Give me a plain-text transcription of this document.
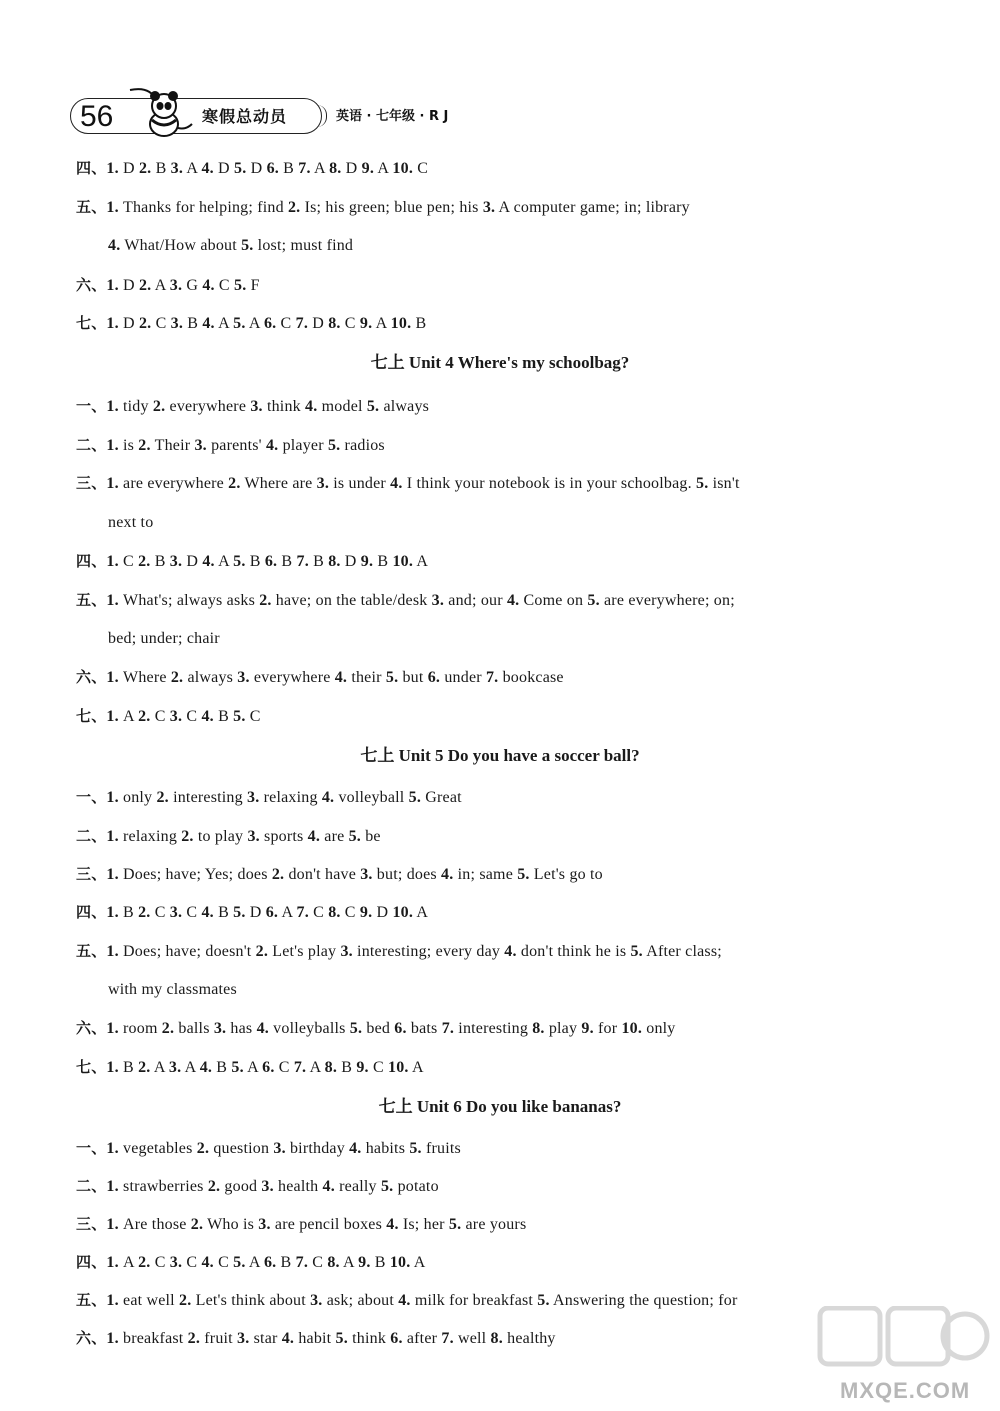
56	寒假总动员	英语 · 七年级 · R J
四、1. D 2. B 3. A 4. D 5. D 6. B 7. A 8. D 9. A 10. C
五、1. Thanks for helping; find 2. Is; his green; blue pen; his 3. A computer game; in; library
4. What/How about 5. lost; must find
六、1. D 2. A 3. G 4. C 5. F
七、1. D 2. C 3. B 4. A 5. A 6. C 7. D 8. C 9. A 10. B
七上 Unit 4 Where's my schoolbag?
一、1. tidy 2. everywhere 3. think 4. model 5. always
二、1. is 2. Their 3. parents' 4. player 5. radios
三、1. are everywhere 2. Where are 3. is under 4. I think your notebook is in your schoolbag. 5. isn't
next to
四、1. C 2. B 3. D 4. A 5. B 6. B 7. B 8. D 9. B 10. A
五、1. What's; always asks 2. have; on the table/desk 3. and; our 4. Come on 5. are everywhere; on;
bed; under; chair
六、1. Where 2. always 3. everywhere 4. their 5. but 6. under 7. bookcase
七、1. A 2. C 3. C 4. B 5. C
七上 Unit 5 Do you have a soccer ball?
一、1. only 2. interesting 3. relaxing 4. volleyball 5. Great
二、1. relaxing 2. to play 3. sports 4. are 5. be
三、1. Does; have; Yes; does 2. don't have 3. but; does 4. in; same 5. Let's go to
四、1. B 2. C 3. C 4. B 5. D 6. A 7. C 8. C 9. D 10. A
五、1. Does; have; doesn't 2. Let's play 3. interesting; every day 4. don't think he is 5. After class;
with my classmates
六、1. room 2. balls 3. has 4. volleyballs 5. bed 6. bats 7. interesting 8. play 9. for 10. only
七、1. B 2. A 3. A 4. B 5. A 6. C 7. A 8. B 9. C 10. A
七上 Unit 6 Do you like bananas?
一、1. vegetables 2. question 3. birthday 4. habits 5. fruits
二、1. strawberries 2. good 3. health 4. really 5. potato
三、1. Are those 2. Who is 3. are pencil boxes 4. Is; her 5. are yours
四、1. A 2. C 3. C 4. C 5. A 6. B 7. C 8. A 9. B 10. A
五、1. eat well 2. Let's think about 3. ask; about 4. milk for breakfast 5. Answering the question; for
六、1. breakfast 2. fruit 3. star 4. habit 5. think 6. after 7. well 8. healthy
MXQE.COM
